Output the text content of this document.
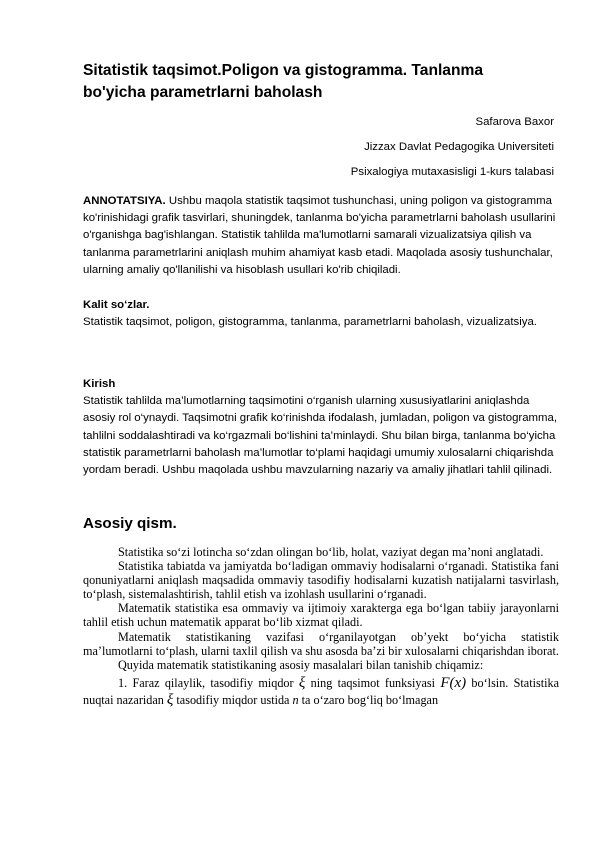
Sitatistik taqsimot.Poligon va gistogramma. Tanlanma
bo'yicha parametrlarni baholash
Safarova Baxor
Jizzax Davlat Pedagogika Universiteti
Psixalogiya mutaxasisligi 1-kurs talabasi
ANNOTATSIYA. Ushbu maqola statistik taqsimot tushunchasi, uning poligon va gistogramma ko'rinishidagi grafik tasvirlari, shuningdek, tanlanma bo'yicha parametrlarni baholash usullarini o'rganishga bag'ishlangan. Statistik tahlilda ma'lumotlarni samarali vizualizatsiya qilish va tanlanma parametrlarini aniqlash muhim ahamiyat kasb etadi. Maqolada asosiy tushunchalar, ularning amaliy qo'llanilishi va hisoblash usullari ko'rib chiqiladi.
Kalit so‘zlar.
Statistik taqsimot, poligon, gistogramma, tanlanma, parametrlarni baholash, vizualizatsiya.
Kirish
Statistik tahlilda ma’lumotlarning taqsimotini o‘rganish ularning xususiyatlarini aniqlashda asosiy rol o‘ynaydi. Taqsimotni grafik ko‘rinishda ifodalash, jumladan, poligon va gistogramma, tahlilni soddalashtiradi va ko‘rgazmali bo‘lishini ta’minlaydi. Shu bilan birga, tanlanma bo‘yicha statistik parametrlarni baholash ma’lumotlar to‘plami haqidagi umumiy xulosalarni chiqarishda yordam beradi. Ushbu maqolada ushbu mavzularning nazariy va amaliy jihatlari tahlil qilinadi.
Asosiy qism.

Statistika so‘zi lotincha so‘zdan olingan bo‘lib, holat, vaziyat degan ma’noni anglatadi.

Statistika tabiatda va jamiyatda bo‘ladigan ommaviy hodisalarni o‘rganadi. Statistika fani qonuniyatlarni aniqlash maqsadida ommaviy tasodifiy hodisalarni kuzatish natijalarni tasvirlash, to‘plash, sistemalashtirish, tahlil etish va izohlash usullarini o‘rganadi.

Matematik statistika esa ommaviy va ijtimoiy xarakterga ega bo‘lgan tabiiy jarayonlarni tahlil etish uchun matematik apparat bo‘lib xizmat qiladi.

Matematik statistikaning vazifasi o‘rganilayotgan ob’yekt bo‘yicha statistik ma’lumotlarni to‘plash, ularni taxlil qilish va shu asosda ba’zi bir xulosalarni chiqarishdan iborat.

Quyida matematik statistikaning asosiy masalalari bilan tanishib chiqamiz:

1. Faraz qilaylik, tasodifiy miqdor ξ ning taqsimot funksiyasi F(x) bo‘lsin. Statistika nuqtai nazaridan ξ tasodifiy miqdor ustida n ta o‘zaro bog‘liq bo‘lmagan
